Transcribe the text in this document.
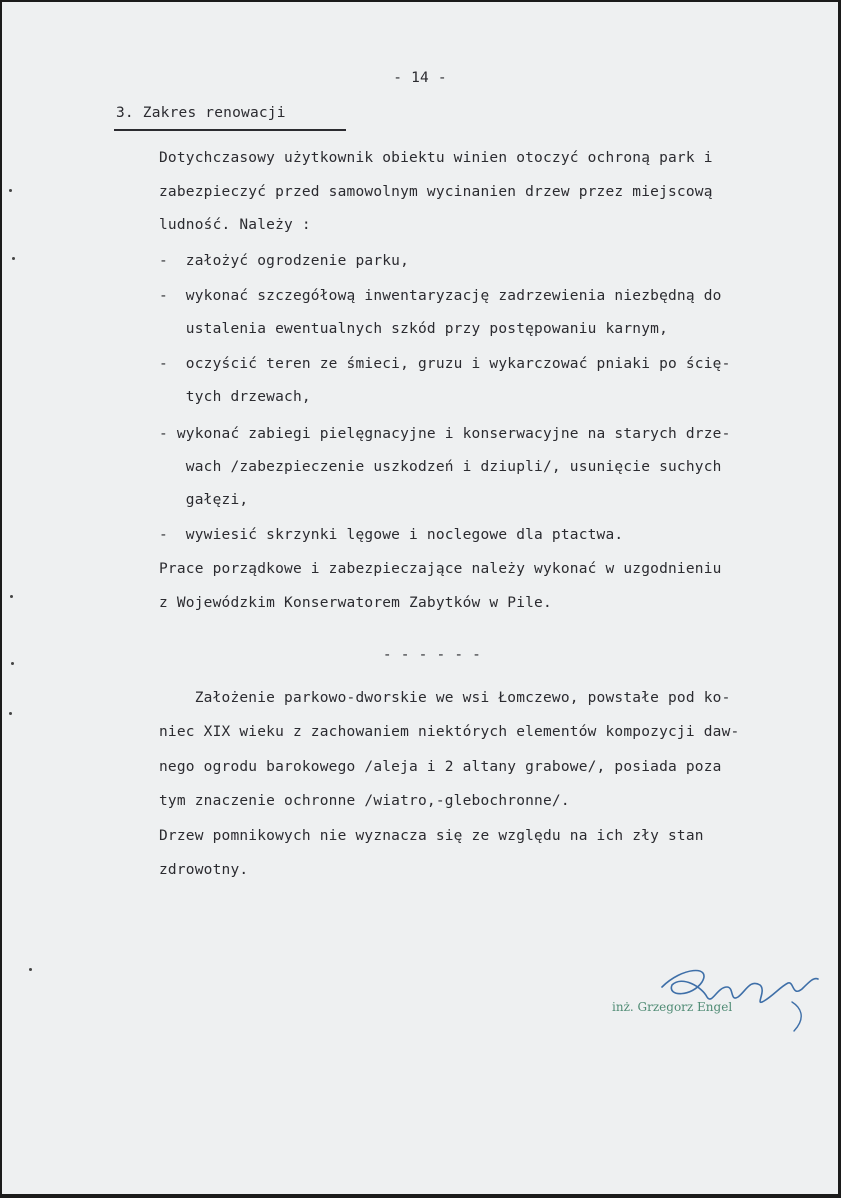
- 14 -
3. Zakres renowacji
Dotychczasowy użytkownik obiektu winien otoczyć ochroną park i
zabezpieczyć przed samowolnym wycinanien drzew przez miejscową
ludność. Należy :
-  założyć ogrodzenie parku,
-  wykonać szczegółową inwentaryzację zadrzewienia niezbędną do
ustalenia ewentualnych szkód przy postępowaniu karnym,
-  oczyścić teren ze śmieci, gruzu i wykarczować pniaki po ścię-
tych drzewach,
- wykonać zabiegi pielęgnacyjne i konserwacyjne na starych drze-
wach /zabezpieczenie uszkodzeń i dziupli/, usunięcie suchych
gałęzi,
-  wywiesić skrzynki lęgowe i noclegowe dla ptactwa.
Prace porządkowe i zabezpieczające należy wykonać w uzgodnieniu
z Wojewódzkim Konserwatorem Zabytków w Pile.
- - - - - -
Założenie parkowo-dworskie we wsi Łomczewo, powstałe pod ko-
niec XIX wieku z zachowaniem niektórych elementów kompozycji daw-
nego ogrodu barokowego /aleja i 2 altany grabowe/, posiada poza
tym znaczenie ochronne /wiatro,-glebochronne/.
Drzew pomnikowych nie wyznacza się ze względu na ich zły stan
zdrowotny.
inż. Grzegorz Engel
